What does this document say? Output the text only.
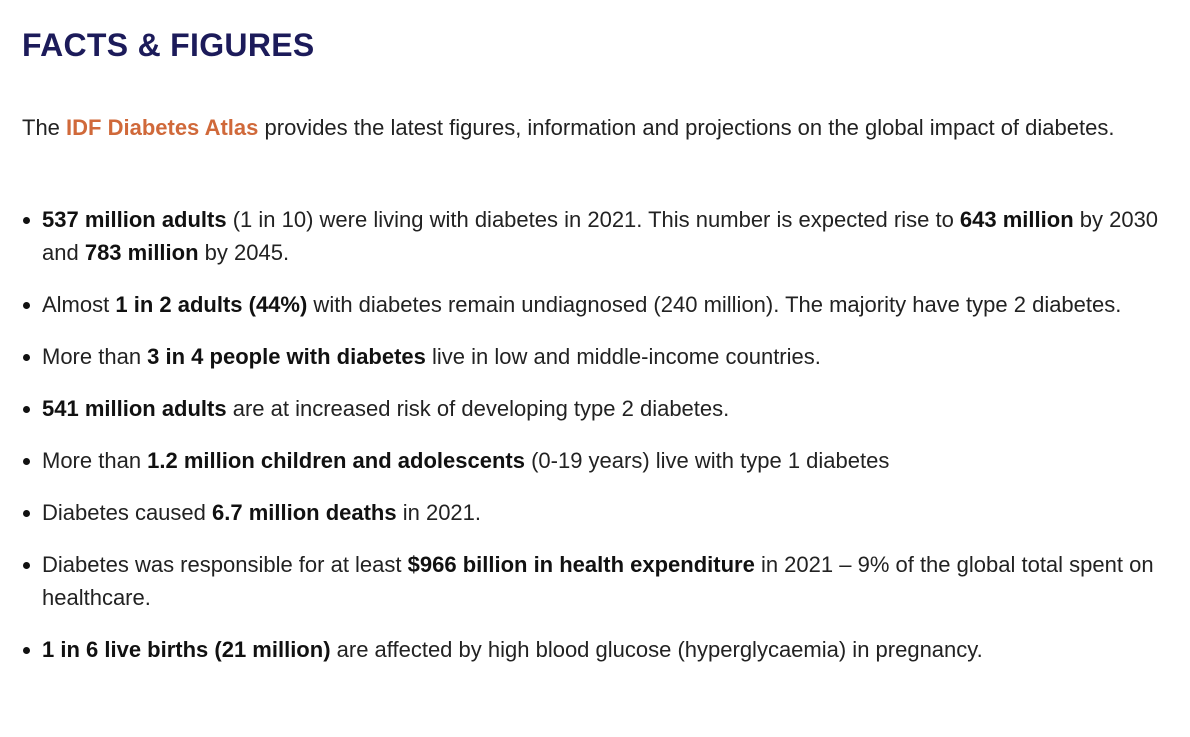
FACTS & FIGURES

The IDF Diabetes Atlas provides the latest figures, information and projections on the global impact of diabetes.

537 million adults (1 in 10) were living with diabetes in 2021. This number is expected rise to 643 million by 2030 and 783 million by 2045.
Almost 1 in 2 adults (44%) with diabetes remain undiagnosed (240 million). The majority have type 2 diabetes.
More than 3 in 4 people with diabetes live in low and middle-income countries.
541 million adults are at increased risk of developing type 2 diabetes.
More than 1.2 million children and adolescents (0-19 years) live with type 1 diabetes
Diabetes caused 6.7 million deaths in 2021.
Diabetes was responsible for at least $966 billion in health expenditure in 2021 – 9% of the global total spent on healthcare.
1 in 6 live births (21 million) are affected by high blood glucose (hyperglycaemia) in pregnancy.
